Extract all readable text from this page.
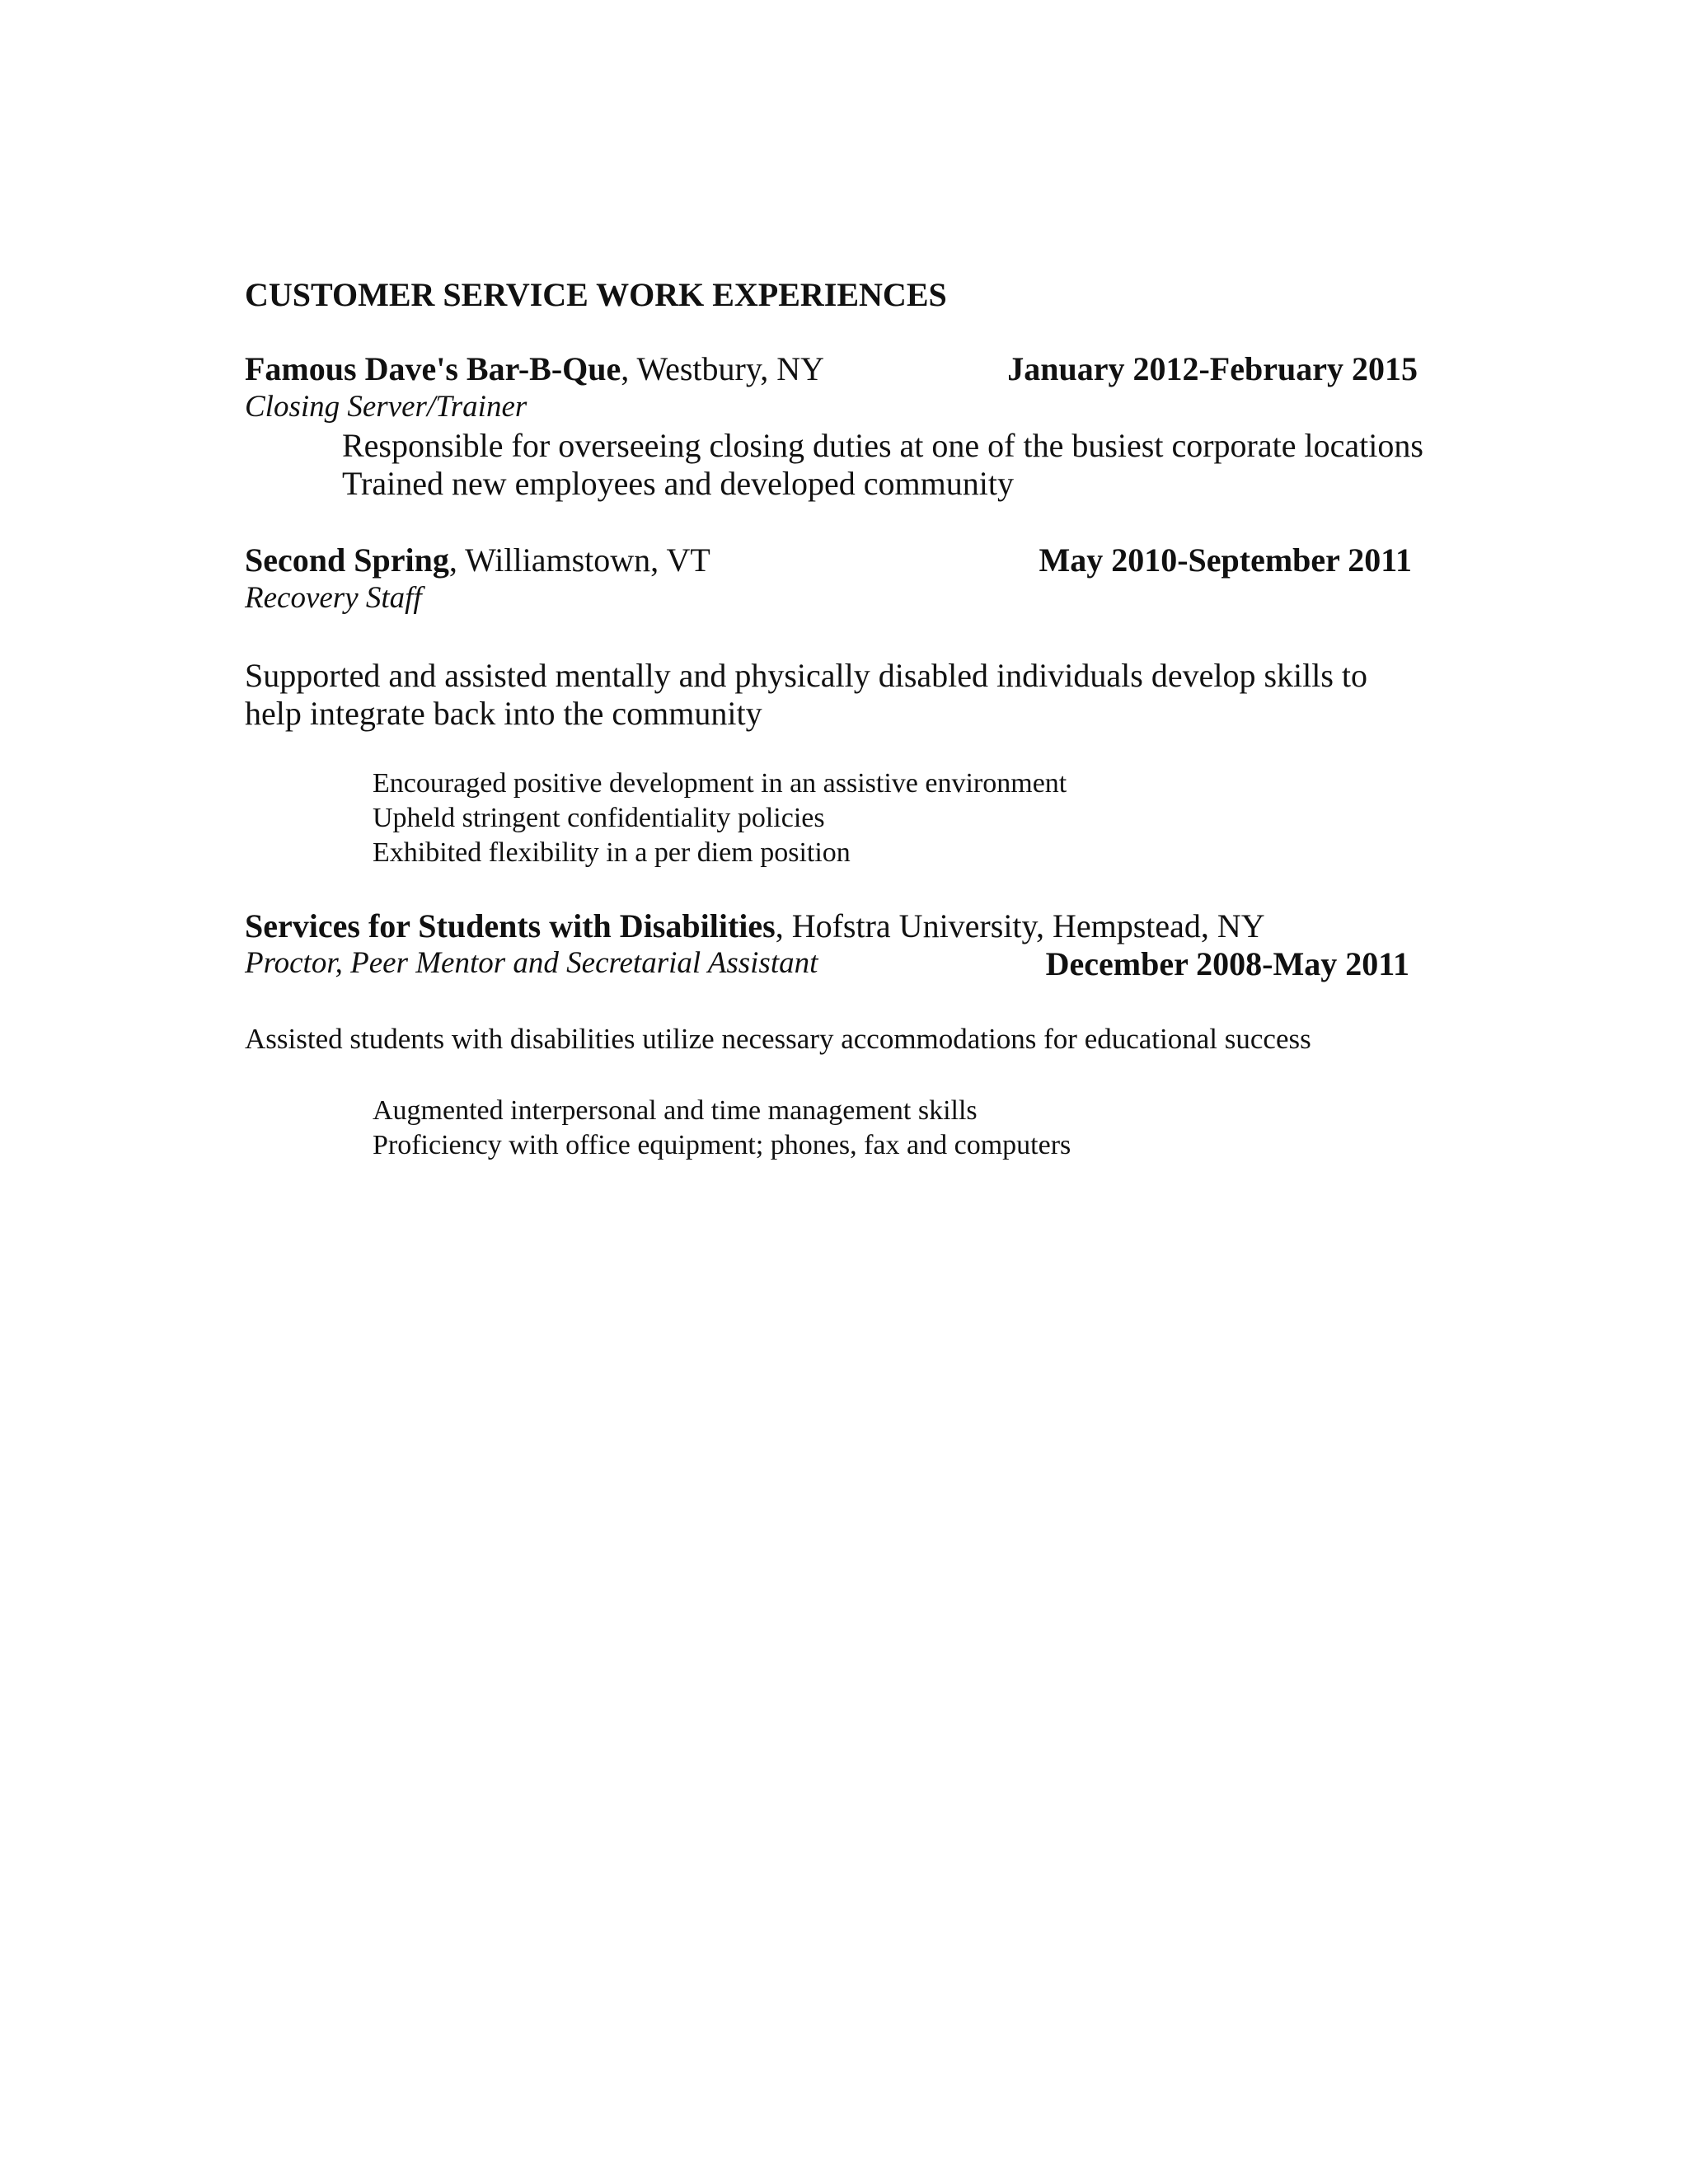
CUSTOMER SERVICE WORK EXPERIENCES
Famous Dave's Bar-B-Que, Westbury, NY	January 2012-February 2015
Closing Server/Trainer
Responsible for overseeing closing duties at one of the busiest corporate locations
Trained new employees and developed community
Second Spring, Williamstown, VT	May 2010-September 2011
Recovery Staff
Supported and assisted mentally and physically disabled individuals develop skills to
help integrate back into the community
Encouraged positive development in an assistive environment
Upheld stringent confidentiality policies
Exhibited flexibility in a per diem position
Services for Students with Disabilities, Hofstra University, Hempstead, NY
Proctor, Peer Mentor and Secretarial Assistant	December 2008-May 2011
Assisted students with disabilities utilize necessary accommodations for educational success
Augmented interpersonal and time management skills
Proficiency with office equipment; phones, fax and computers
